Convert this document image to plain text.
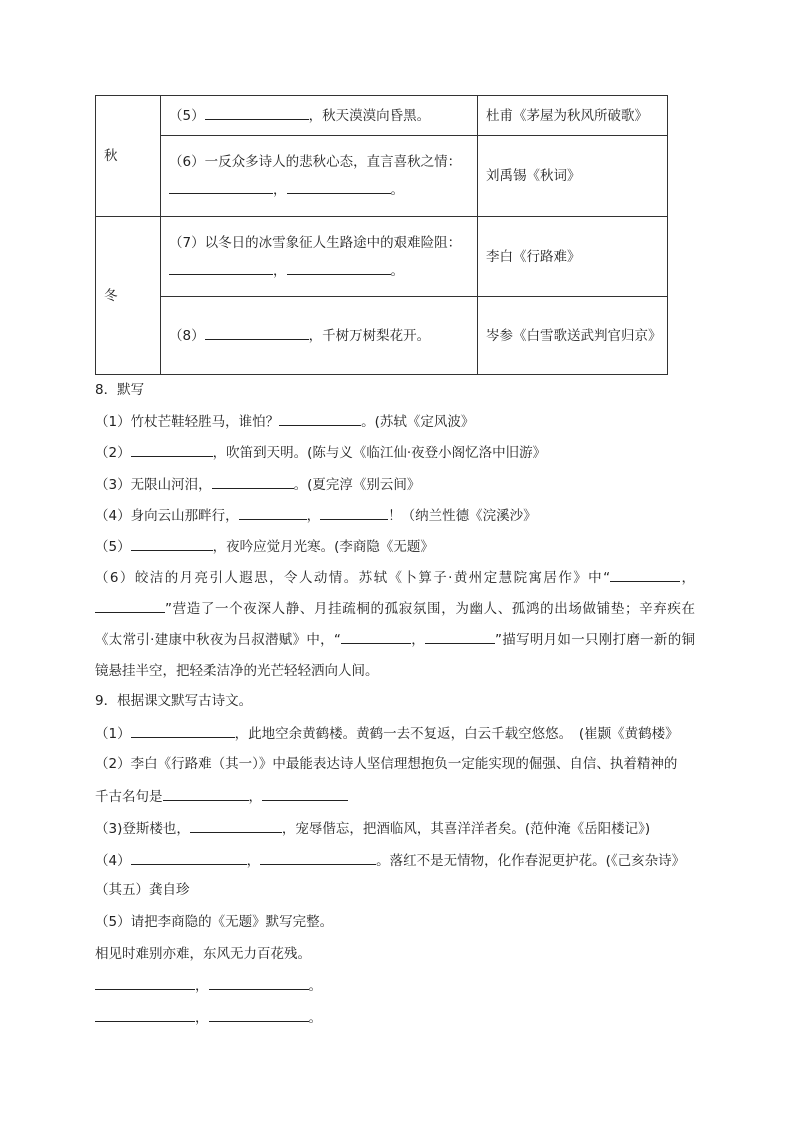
秋	（5） ，秋天漠漠向昏黑。	杜甫《茅屋为秋风所破歌》
	（6）一反众多诗人的悲秋心态，直言喜秋之情：， 。	刘禹锡《秋词》
冬	（7）以冬日的冰雪象征人生路途中的艰难险阻：， 。	李白《行路难》
	（8） ，千树万树梨花开。	岑参《白雪歌送武判官归京》
8．默写
（1）竹杖芒鞋轻胜马，谁怕？	。(苏轼《定风波》
（2）	，吹笛到天明。(陈与义《临江仙·夜登小阁忆洛中旧游》
（3）无限山河泪，	。(夏完淳《别云间》
（4）身向云山那畔行，	，	！（纳兰性德《浣溪沙》
（5）	，夜吟应觉月光寒。(李商隐《无题》
（6）皎洁的月亮引人遐思，令人动情。苏轼《卜算子·黄州定慧院寓居作》中“	，”营造了一个夜深人静、月挂疏桐的孤寂氛围，为幽人、孤鸿的出场做铺垫；辛弃疾在《太常引·建康中秋夜为吕叔潜赋》中，“	，	”描写明月如一只刚打磨一新的铜镜悬挂半空，把轻柔洁净的光芒轻轻洒向人间。
9．根据课文默写古诗文。
（1）	，此地空余黄鹤楼。黄鹤一去不复返，白云千载空悠悠。　(崔颢《黄鹤楼》
（2）李白《行路难（其一）》中最能表达诗人坚信理想抱负一定能实现的倔强、自信、执着精神的
千古名句是	，
（3)登斯楼也，	，宠辱偕忘，把酒临风，其喜洋洋者矣。(范仲淹《岳阳楼记》)
（4）	，	。落红不是无情物，化作春泥更护花。(《己亥杂诗》
（其五）龚自珍
（5）请把李商隐的《无题》默写完整。
相见时难别亦难，东风无力百花残。
，	。
，	。
